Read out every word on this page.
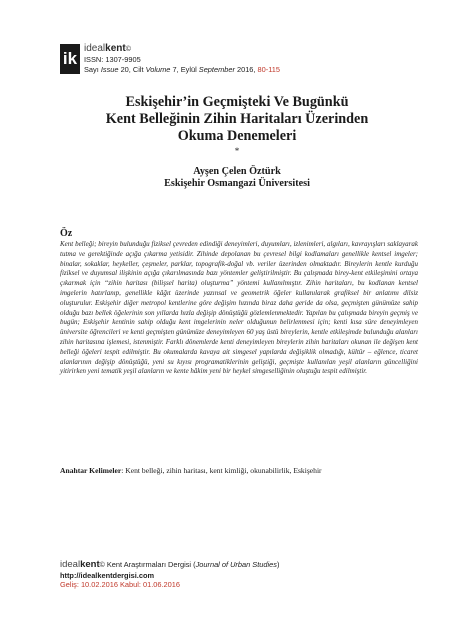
ik
idealkent©
ISSN: 1307-9905
Sayı Issue 20, Cilt Volume 7, Eylül September 2016, 80-115
Eskişehir’in Geçmişteki Ve Bugünkü
Kent Belleğinin Zihin Haritaları Üzerinden
Okuma Denemeleri
*
Ayşen Çelen Öztürk
Eskişehir Osmangazi Üniversitesi
Öz

Kent belleği; bireyin bulunduğu fiziksel çevreden edindiği deneyimleri, duyumları, izlenimleri, algıları, kavrayışları saklayarak tutma ve gerektiğinde açığa çıkarma yetisidir. Zihinde depolanan bu çevresel bilgi kodlamaları genellikle kentsel imgeler; binalar, sokaklar, heykeller, çeşmeler, parklar, topografik-doğal vb. veriler üzerinden olmaktadır. Bireylerin kentle kurduğu fiziksel ve duyumsal ilişkinin açığa çıkarılmasında bazı yöntemler geliştirilmiştir. Bu çalışmada birey-kent etkileşimini ortaya çıkarmak için “zihin haritası (bilişsel harita) oluşturma” yöntemi kullanılmıştır. Zihin haritaları, bu kodlanan kentsel imgelerin hatırlanıp, genellikle kâğıt üzerinde yazınsal ve geometrik öğeler kullanılarak grafiksel bir anlatımı dilsiz oluşturulur. Eskişehir diğer metropol kentlerine göre değişim hızında biraz daha geride da olsa, geçmişten günümüze sahip olduğu bazı bellek öğelerinin son yıllarda hızla değişip dönüştüğü gözlemlenmektedir. Yapılan bu çalışmada bireyin geçmiş ve bugün; Eskişehir kentinin sahip olduğu kent imgelerinin neler olduğunun belirlenmesi için; kenti kısa süre deneyimleyen üniversite öğrencileri ve kenti geçmişten günümüze deneyimleyen 60 yaş üstü bireylerin, kentle etkileşimde bulunduğu alanları zihin haritasına işlemesi, istenmiştir. Farklı dönemlerde kenti deneyimleyen bireylerin zihin haritaları okunan ile değişen kent belleği öğeleri tespit edilmiştir. Bu okumalarda kavaya ait simgesel yapılarda değişiklik olmadığı, kültür – eğlence, ticaret alanlarının değişip dönüştüğü, yeni su kıyısı programatiklerinin geliştiği, geçmişte kullanılan yeşil alanların güncelliğini yitirirken yeni tematik yeşil alanların ve kente hâkim yeni bir heykel simgeselliğinin oluştuğu tespit edilmiştir.

Anahtar Kelimeler: Kent belleği, zihin haritası, kent kimliği, okunabilirlik, Eskişehir
idealkent© Kent Araştırmaları Dergisi (Journal of Urban Studies)
http://idealkentdergisi.com
Geliş: 10.02.2016 Kabul: 01.06.2016
